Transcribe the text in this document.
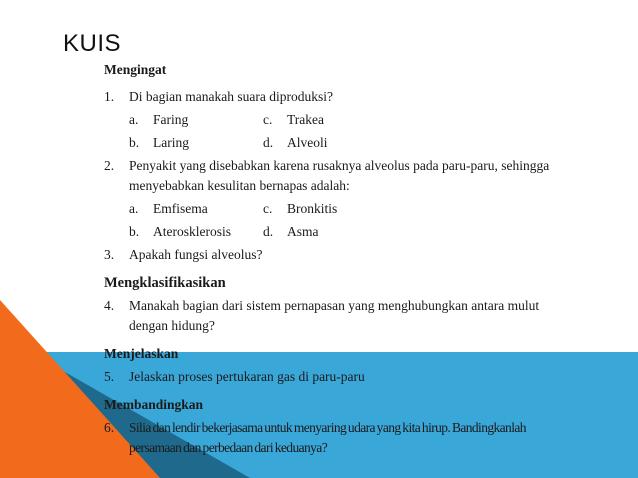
KUIS
Mengingat
1. Di bagian manakah suara diproduksi?
a.	Faring	c.	Trakea
b.	Laring	d.	Alveoli
2. Penyakit yang disebabkan karena rusaknya alveolus pada paru-paru, sehingga menyebabkan kesulitan bernapas adalah:
a.	Emfisema	c.	Bronkitis
b.	Aterosklerosis	d.	Asma
3. Apakah fungsi alveolus?
Mengklasifikasikan
4. Manakah bagian dari sistem pernapasan yang menghubungkan antara mulut dengan hidung?
Menjelaskan
5. Jelaskan proses pertukaran gas di paru-paru
Membandingkan
6. Silia dan lendir bekerjasama untuk menyaring udara yang kita hirup. Bandingkanlah persamaan dan perbedaan dari keduanya?
